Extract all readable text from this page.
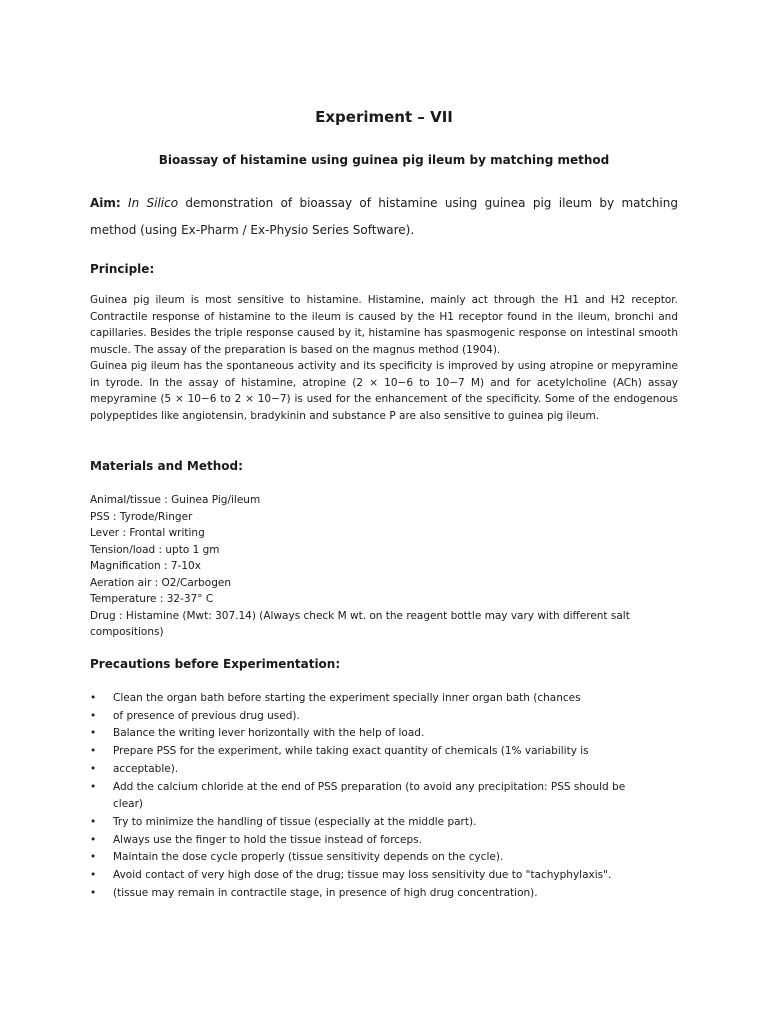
Experiment – VII
Bioassay of histamine using guinea pig ileum by matching method
Aim: In Silico demonstration of bioassay of histamine using guinea pig ileum by matching method (using Ex-Pharm / Ex-Physio Series Software).
Principle:
Guinea pig ileum is most sensitive to histamine. Histamine, mainly act through the H1 and H2 receptor. Contractile response of histamine to the ileum is caused by the H1 receptor found in the ileum, bronchi and capillaries. Besides the triple response caused by it, histamine has spasmogenic response on intestinal smooth muscle. The assay of the preparation is based on the magnus method (1904).
Guinea pig ileum has the spontaneous activity and its specificity is improved by using atropine or mepyramine in tyrode. In the assay of histamine, atropine (2 × 10−6 to 10−7 M) and for acetylcholine (ACh) assay mepyramine (5 × 10−6 to 2 × 10−7) is used for the enhancement of the specificity. Some of the endogenous polypeptides like angiotensin, bradykinin and substance P are also sensitive to guinea pig ileum.
Materials and Method:
Animal/tissue : Guinea Pig/ileum
PSS : Tyrode/Ringer
Lever : Frontal writing
Tension/load : upto 1 gm
Magnification : 7-10x
Aeration air : O2/Carbogen
Temperature : 32-37° C
Drug : Histamine (Mwt: 307.14) (Always check M wt. on the reagent bottle may vary with different salt compositions)
Precautions before Experimentation:
• Clean the organ bath before starting the experiment specially inner organ bath (chances
• of presence of previous drug used).
• Balance the writing lever horizontally with the help of load.
• Prepare PSS for the experiment, while taking exact quantity of chemicals (1% variability is
• acceptable).
• Add the calcium chloride at the end of PSS preparation (to avoid any precipitation: PSS should be
clear)
• Try to minimize the handling of tissue (especially at the middle part).
• Always use the finger to hold the tissue instead of forceps.
• Maintain the dose cycle properly (tissue sensitivity depends on the cycle).
• Avoid contact of very high dose of the drug; tissue may loss sensitivity due to "tachyphylaxis".
• (tissue may remain in contractile stage, in presence of high drug concentration).
